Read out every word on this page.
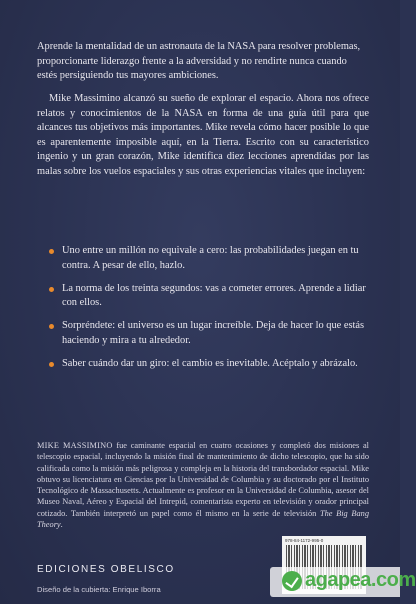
Aprende la mentalidad de un astronauta de la NASA para resolver problemas, proporcionarte liderazgo frente a la adversidad y no rendirte nunca cuando estés persiguiendo tus mayores ambiciones.

Mike Massimino alcanzó su sueño de explorar el espacio. Ahora nos ofrece relatos y conocimientos de la NASA en forma de una guía útil para que alcances tus objetivos más importantes. Mike revela cómo hacer posible lo que es aparentemente imposible aquí, en la Tierra. Escrito con su característico ingenio y un gran corazón, Mike identifica diez lecciones aprendidas por las malas sobre los vuelos espaciales y sus otras experiencias vitales que incluyen:

Uno entre un millón no equivale a cero: las probabilidades juegan en tu contra. A pesar de ello, hazlo.
La norma de los treinta segundos: vas a cometer errores. Aprende a lidiar con ellos.
Sorpréndete: el universo es un lugar increíble. Deja de hacer lo que estás haciendo y mira a tu alrededor.
Saber cuándo dar un giro: el cambio es inevitable. Acéptalo y abrázalo.

MIKE MASSIMINO fue caminante espacial en cuatro ocasiones y completó dos misiones al telescopio espacial, incluyendo la misión final de mantenimiento de dicho telescopio, que ha sido calificada como la misión más peligrosa y compleja en la historia del transbordador espacial. Mike obtuvo su licenciatura en Ciencias por la Universidad de Columbia y su doctorado por el Instituto Tecnológico de Massachusetts. Actualmente es profesor en la Universidad de Columbia, asesor del Museo Naval, Aéreo y Espacial del Intrepid, comentarista experto en televisión y orador principal cotizado. También interpretó un papel como él mismo en la serie de televisión The Big Bang Theory.

EDICIONES OBELISCO
Diseño de la cubierta: Enrique Iborra
978-84-1172-995-0
agapea.com
